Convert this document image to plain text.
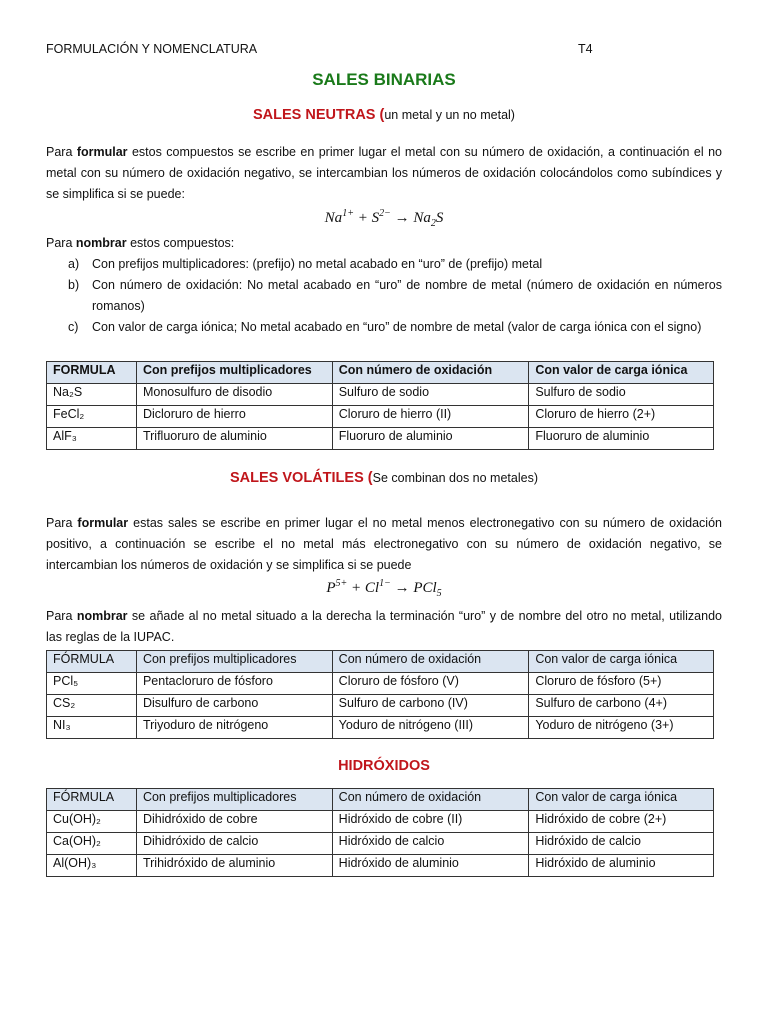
FORMULACIÓN Y NOMENCLATURA	T4
SALES BINARIAS
SALES NEUTRAS (un metal y un no metal)
Para formular estos compuestos se escribe en primer lugar el metal con su número de oxidación, a continuación el no metal con su número de oxidación negativo, se intercambian los números de oxidación colocándolos como subíndices y se simplifica si se puede:
$Na^{1+} + S^{2-} \to Na_2S$
Para nombrar estos compuestos:
a)	Con prefijos multiplicadores: (prefijo) no metal acabado en “uro” de (prefijo) metal
b)	Con número de oxidación: No metal acabado en “uro” de nombre de metal (número de oxidación en números romanos)
c)	Con valor de carga iónica; No metal acabado en “uro” de nombre de metal (valor de carga iónica con el signo)
FORMULA	Con prefijos multiplicadores	Con número de oxidación	Con valor de carga iónica
Na₂S	Monosulfuro de disodio	Sulfuro de sodio	Sulfuro de sodio
FeCl₂	Dicloruro de hierro	Cloruro de hierro (II)	Cloruro de hierro (2+)
AlF₃	Trifluoruro de aluminio	Fluoruro de aluminio	Fluoruro de aluminio
SALES VOLÁTILES (Se combinan dos no metales)
Para formular estas sales se escribe en primer lugar el no metal menos electronegativo con su número de oxidación positivo, a continuación se escribe el no metal más electronegativo con su número de oxidación negativo, se intercambian los números de oxidación y se simplifica si se puede
$P^{5+} + Cl^{1-} \to PCl_5$
Para nombrar se añade al no metal situado a la derecha la terminación “uro” y de nombre del otro no metal, utilizando las reglas de la IUPAC.
FÓRMULA	Con prefijos multiplicadores	Con número de oxidación	Con valor de carga iónica
PCl₅	Pentacloruro de fósforo	Cloruro de fósforo (V)	Cloruro de fósforo (5+)
CS₂	Disulfuro de carbono	Sulfuro de carbono (IV)	Sulfuro de carbono (4+)
NI₃	Triyoduro de nitrógeno	Yoduro de nitrógeno (III)	Yoduro de nitrógeno (3+)
HIDRÓXIDOS
FÓRMULA	Con prefijos multiplicadores	Con número de oxidación	Con valor de carga iónica
Cu(OH)₂	Dihidróxido de cobre	Hidróxido de cobre (II)	Hidróxido de cobre (2+)
Ca(OH)₂	Dihidróxido de calcio	Hidróxido de calcio	Hidróxido de calcio
Al(OH)₃	Trihidróxido de aluminio	Hidróxido de aluminio	Hidróxido de aluminio
